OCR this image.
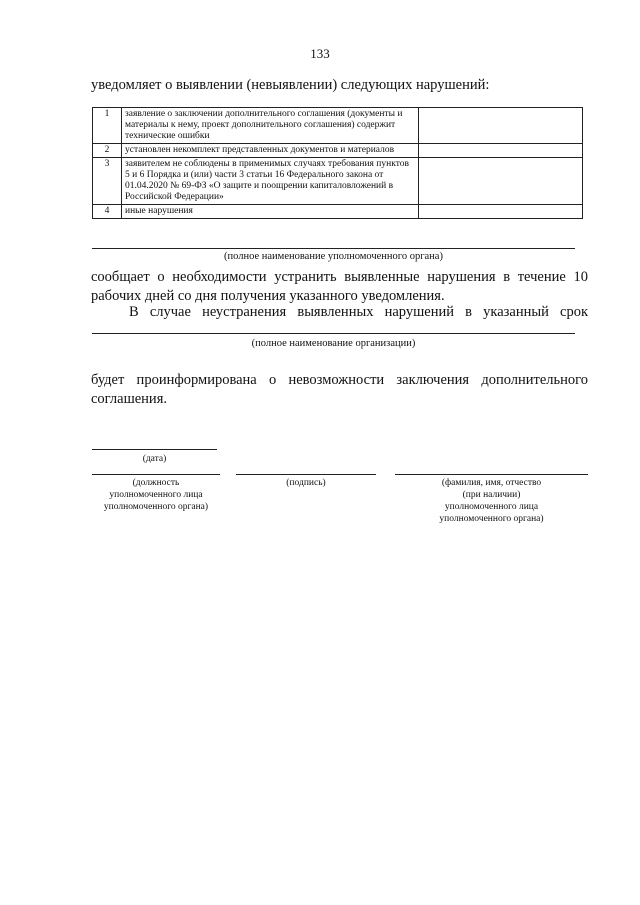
133
уведомляет о выявлении (невыявлении) следующих нарушений:
1	заявление о заключении дополнительного соглашения (документы и материалы к нему, проект дополнительного соглашения) содержит технические ошибки	
2	установлен некомплект представленных документов и материалов	
3	заявителем не соблюдены в применимых случаях требования пунктов 5 и 6 Порядка и (или) части 3 статьи 16 Федерального закона от 01.04.2020 № 69-ФЗ «О защите и поощрении капиталовложений в Российской Федерации»	
4	иные нарушения	
(полное наименование уполномоченного органа)
сообщает о необходимости устранить выявленные нарушения в течение 10 рабочих дней со дня получения указанного уведомления.
В случае неустранения выявленных нарушений в указанный срок
(полное наименование организации)
будет проинформирована о невозможности заключения дополнительного соглашения.
(дата)
(должность
уполномоченного лица
уполномоченного органа)
(подпись)	(фамилия, имя, отчество
(при наличии)
уполномоченного лица
уполномоченного органа)
